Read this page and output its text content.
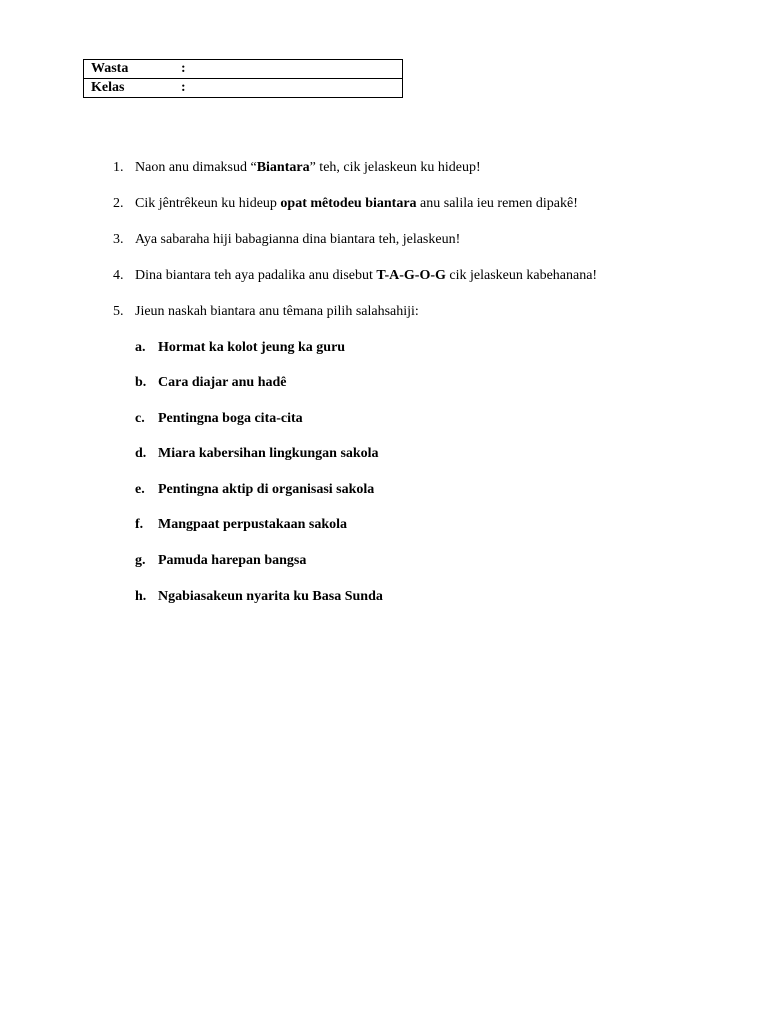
Wasta	:
Kelas	:
1. Naon anu dimaksud “Biantara” teh, cik jelaskeun ku hideup!
2. Cik jêntrêkeun ku hideup opat mêtodeu biantara anu salila ieu remen dipakê!
3. Aya sabaraha hiji babagianna dina biantara teh, jelaskeun!
4. Dina biantara teh aya padalika anu disebut T-A-G-O-G cik jelaskeun kabehanana!
5. Jieun naskah biantara anu têmana pilih salahsahiji:
a. Hormat ka kolot jeung ka guru
b. Cara diajar anu hadê
c. Pentingna boga cita-cita
d. Miara kabersihan lingkungan sakola
e. Pentingna aktip di organisasi sakola
f. Mangpaat perpustakaan sakola
g. Pamuda harepan bangsa
h. Ngabiasakeun nyarita ku Basa Sunda
